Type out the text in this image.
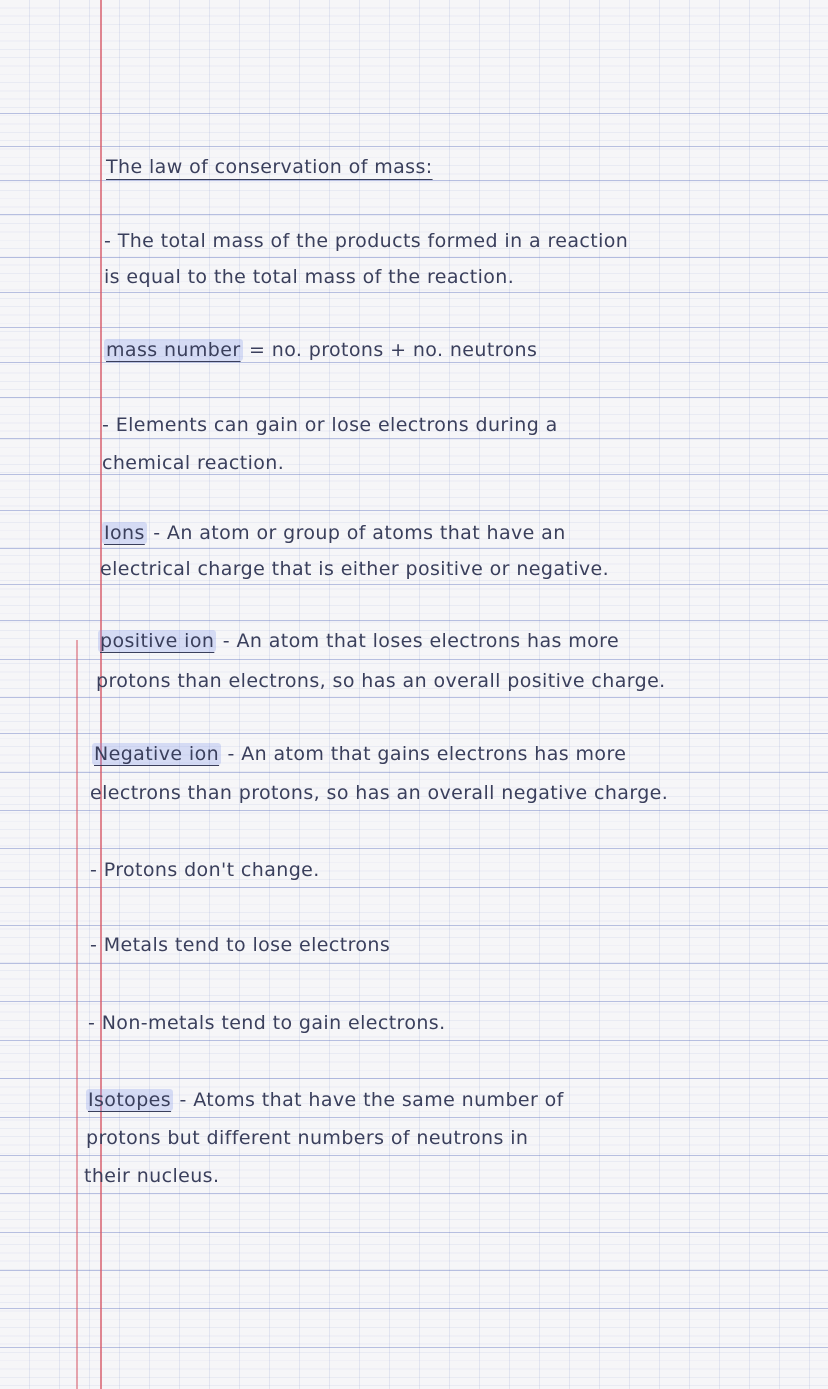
The law of conservation of mass:

- The total mass of the products formed in a reaction

is equal to the total mass of the reaction.

mass number = no. protons + no. neutrons

- Elements can gain or lose electrons during a

chemical reaction.

Ions - An atom or group of atoms that have an

electrical charge that is either positive or negative.

positive ion - An atom that loses electrons has more

protons than electrons, so has an overall positive charge.

Negative ion - An atom that gains electrons has more

electrons than protons, so has an overall negative charge.

- Protons don't change.

- Metals tend to lose electrons

- Non-metals tend to gain electrons.

Isotopes - Atoms that have the same number of

protons but different numbers of neutrons in

their nucleus.
